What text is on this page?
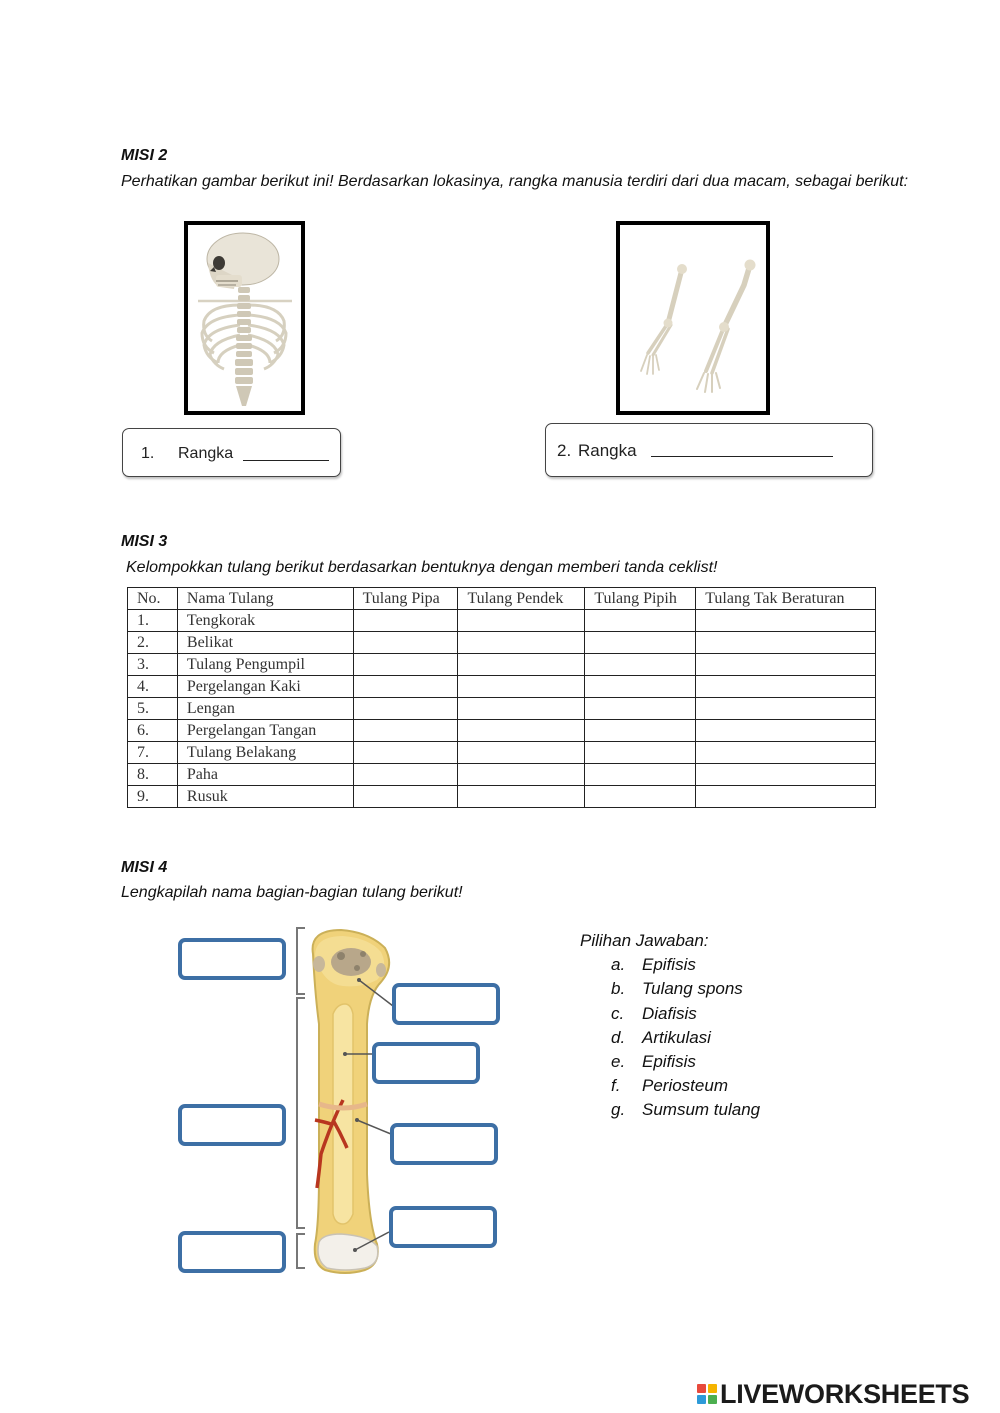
MISI 2
Perhatikan gambar berikut ini! Berdasarkan lokasinya, rangka manusia terdiri dari dua macam, sebagai berikut:
1. Rangka	2. Rangka
MISI 3
Kelompokkan tulang berikut berdasarkan bentuknya dengan memberi tanda ceklist!
No.	Nama Tulang	Tulang Pipa	Tulang Pendek	Tulang Pipih	Tulang Tak Beraturan
1.	Tengkorak				
2.	Belikat				
3.	Tulang Pengumpil				
4.	Pergelangan Kaki				
5.	Lengan				
6.	Pergelangan Tangan				
7.	Tulang Belakang				
8.	Paha				
9.	Rusuk				
MISI 4
Lengkapilah nama bagian-bagian tulang berikut!
Pilihan Jawaban:
a. Epifisis
b. Tulang spons
c.	Diafisis
d. Artikulasi
e. Epifisis
f.	Periosteum
g. Sumsum tulang
LIVEWORKSHEETS
